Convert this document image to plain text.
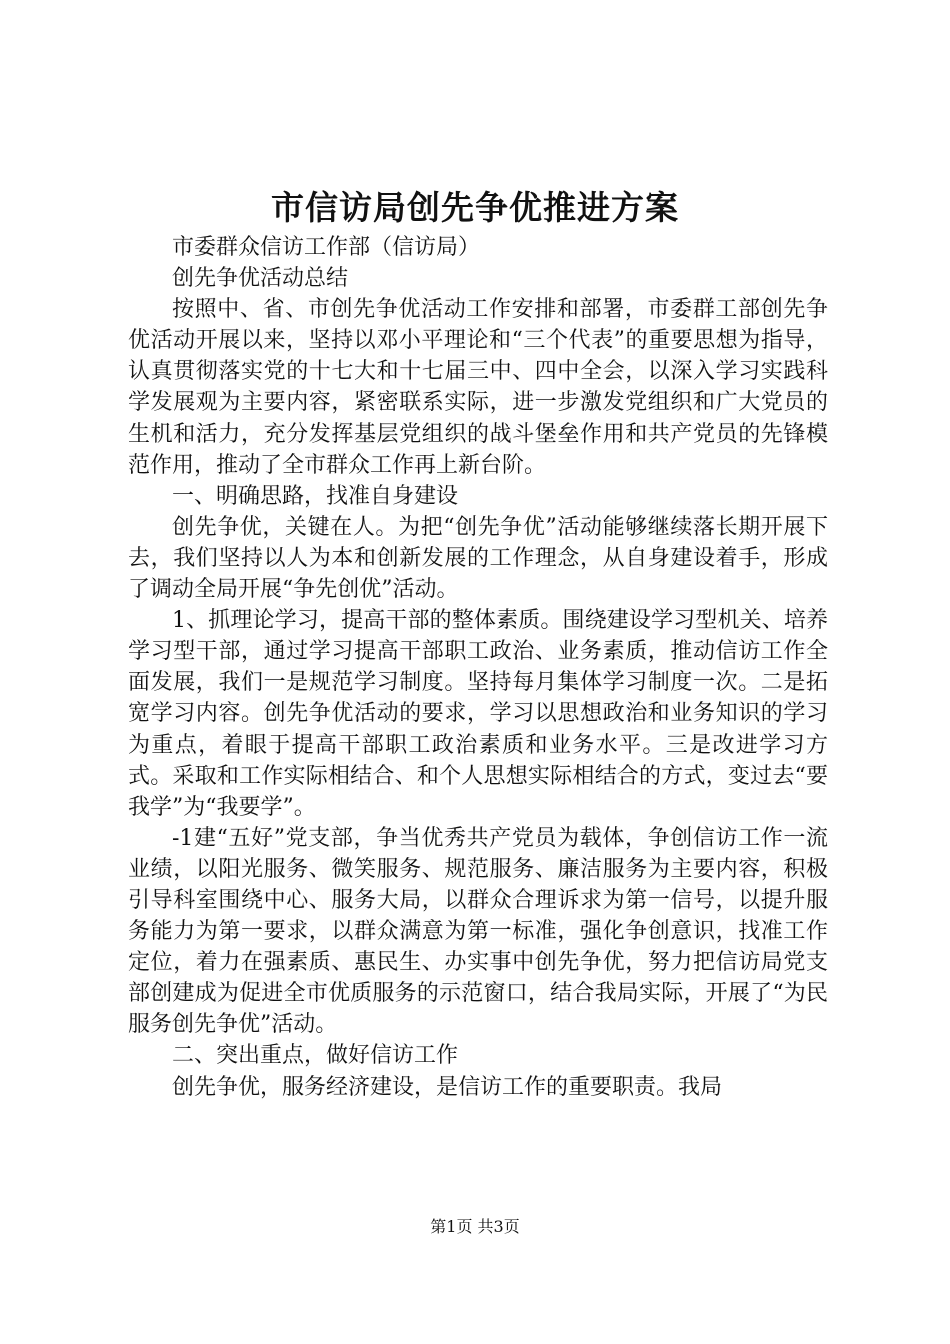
市信访局创先争优推进方案

市委群众信访工作部（信访局）

创先争优活动总结

按照中、省、市创先争优活动工作安排和部署，市委群工部创先争优活动开展以来，坚持以邓小平理论和“三个代表”的重要思想为指导，认真贯彻落实党的十七大和十七届三中、四中全会，以深入学习实践科学发展观为主要内容，紧密联系实际，进一步激发党组织和广大党员的生机和活力，充分发挥基层党组织的战斗堡垒作用和共产党员的先锋模范作用，推动了全市群众工作再上新台阶。

一、明确思路，找准自身建设

创先争优，关键在人。为把“创先争优”活动能够继续落长期开展下去，我们坚持以人为本和创新发展的工作理念，从自身建设着手，形成了调动全局开展“争先创优”活动。

1、抓理论学习，提高干部的整体素质。围绕建设学习型机关、培养学习型干部，通过学习提高干部职工政治、业务素质，推动信访工作全面发展，我们一是规范学习制度。坚持每月集体学习制度一次。二是拓宽学习内容。创先争优活动的要求，学习以思想政治和业务知识的学习为重点，着眼于提高干部职工政治素质和业务水平。三是改进学习方式。采取和工作实际相结合、和个人思想实际相结合的方式，变过去“要我学”为“我要学”。

-1建“五好”党支部，争当优秀共产党员为载体，争创信访工作一流业绩，以阳光服务、微笑服务、规范服务、廉洁服务为主要内容，积极引导科室围绕中心、服务大局，以群众合理诉求为第一信号，以提升服务能力为第一要求，以群众满意为第一标准，强化争创意识，找准工作定位，着力在强素质、惠民生、办实事中创先争优，努力把信访局党支部创建成为促进全市优质服务的示范窗口，结合我局实际，开展了“为民服务创先争优”活动。

二、突出重点，做好信访工作

创先争优，服务经济建设，是信访工作的重要职责。我局

第1页 共3页
